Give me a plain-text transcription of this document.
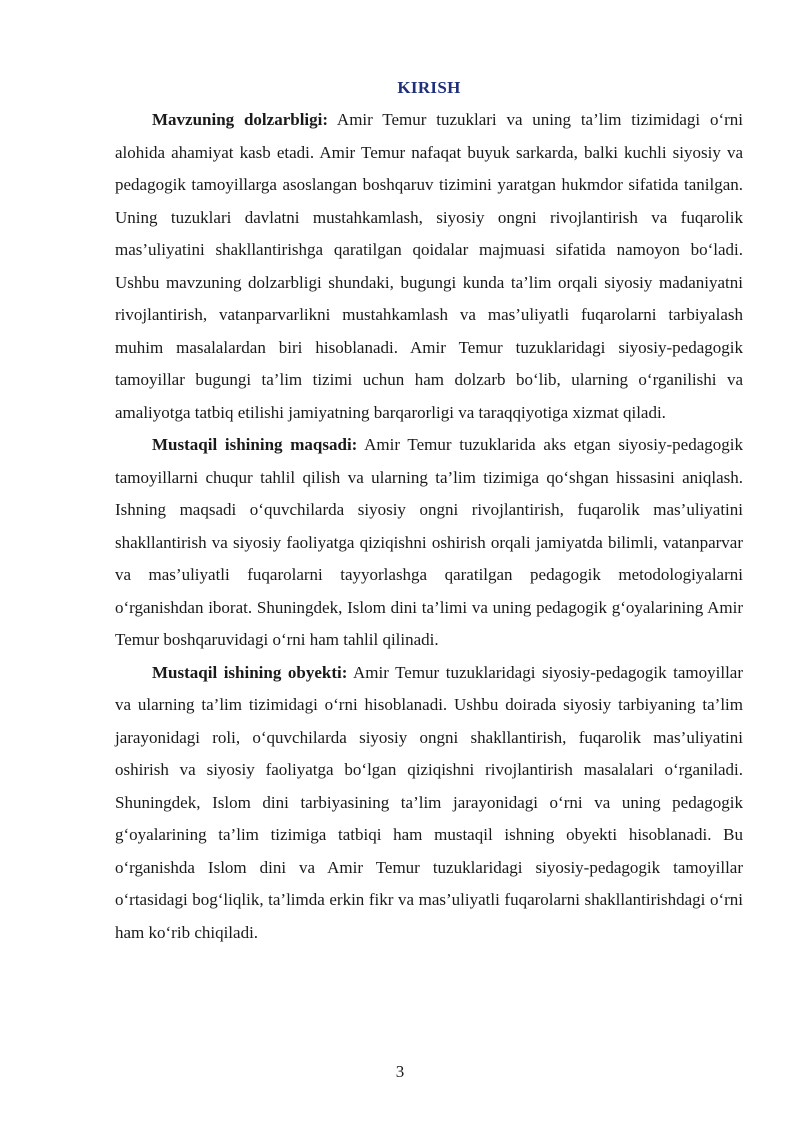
KIRISH

Mavzuning dolzarbligi: Amir Temur tuzuklari va uning ta’lim tizimidagi o‘rni alohida ahamiyat kasb etadi. Amir Temur nafaqat buyuk sarkarda, balki kuchli siyosiy va pedagogik tamoyillarga asoslangan boshqaruv tizimini yaratgan hukmdor sifatida tanilgan. Uning tuzuklari davlatni mustahkamlash, siyosiy ongni rivojlantirish va fuqarolik mas’uliyatini shakllantirishga qaratilgan qoidalar majmuasi sifatida namoyon bo‘ladi. Ushbu mavzuning dolzarbligi shundaki, bugungi kunda ta’lim orqali siyosiy madaniyatni rivojlantirish, vatanparvarlikni mustahkamlash va mas’uliyatli fuqarolarni tarbiyalash muhim masalalardan biri hisoblanadi. Amir Temur tuzuklaridagi siyosiy-pedagogik tamoyillar bugungi ta’lim tizimi uchun ham dolzarb bo‘lib, ularning o‘rganilishi va amaliyotga tatbiq etilishi jamiyatning barqarorligi va taraqqiyotiga xizmat qiladi.

Mustaqil ishining maqsadi: Amir Temur tuzuklarida aks etgan siyosiy-pedagogik tamoyillarni chuqur tahlil qilish va ularning ta’lim tizimiga qo‘shgan hissasini aniqlash. Ishning maqsadi o‘quvchilarda siyosiy ongni rivojlantirish, fuqarolik mas’uliyatini shakllantirish va siyosiy faoliyatga qiziqishni oshirish orqali jamiyatda bilimli, vatanparvar va mas’uliyatli fuqarolarni tayyorlashga qaratilgan pedagogik metodologiyalarni o‘rganishdan iborat. Shuningdek, Islom dini ta’limi va uning pedagogik g‘oyalarining Amir Temur boshqaruvidagi o‘rni ham tahlil qilinadi.

Mustaqil ishining obyekti: Amir Temur tuzuklaridagi siyosiy-pedagogik tamoyillar va ularning ta’lim tizimidagi o‘rni hisoblanadi. Ushbu doirada siyosiy tarbiyaning ta’lim jarayonidagi roli, o‘quvchilarda siyosiy ongni shakllantirish, fuqarolik mas’uliyatini oshirish va siyosiy faoliyatga bo‘lgan qiziqishni rivojlantirish masalalari o‘rganiladi. Shuningdek, Islom dini tarbiyasining ta’lim jarayonidagi o‘rni va uning pedagogik g‘oyalarining ta’lim tizimiga tatbiqi ham mustaqil ishning obyekti hisoblanadi. Bu o‘rganishda Islom dini va Amir Temur tuzuklaridagi siyosiy-pedagogik tamoyillar o‘rtasidagi bog‘liqlik, ta’limda erkin fikr va mas’uliyatli fuqarolarni shakllantirishdagi o‘rni ham ko‘rib chiqiladi.

3
